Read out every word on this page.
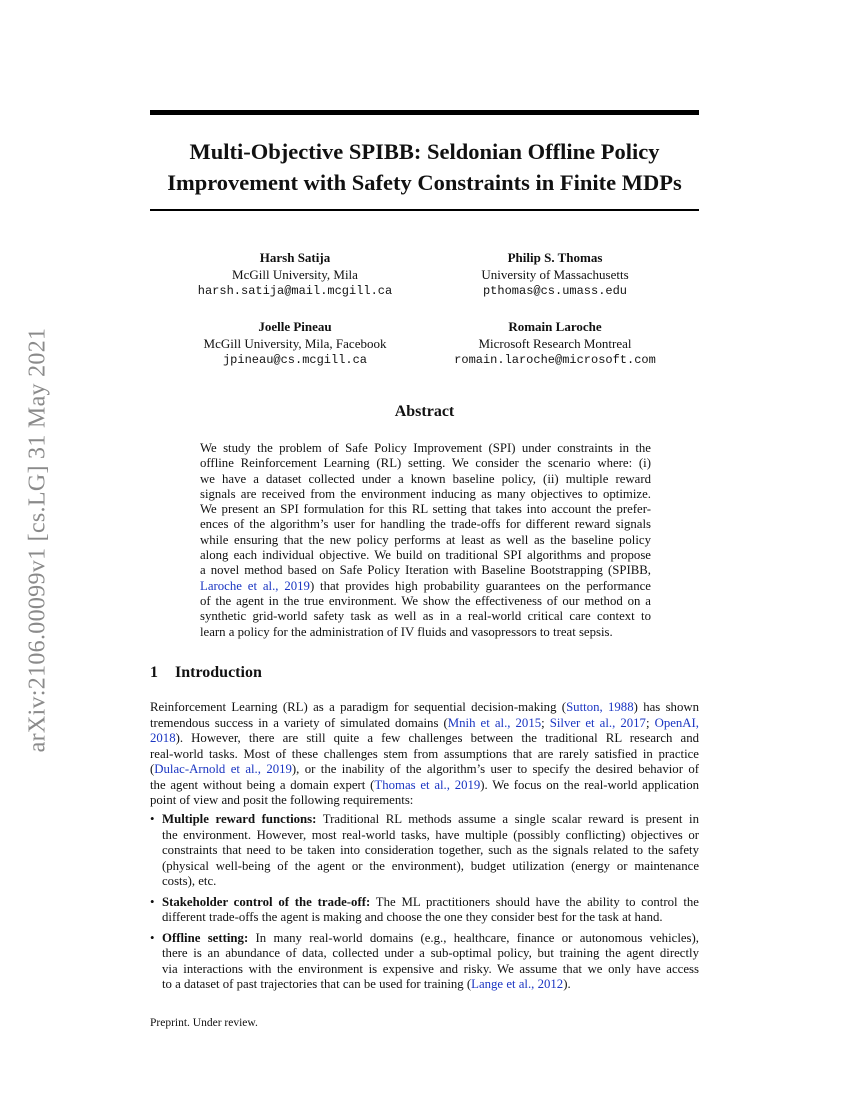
arXiv:2106.00099v1 [cs.LG] 31 May 2021
Multi-Objective SPIBB: Seldonian Offline Policy
Improvement with Safety Constraints in Finite MDPs
Harsh Satija
McGill University, Mila
harsh.satija@mail.mcgill.ca
Philip S. Thomas
University of Massachusetts
pthomas@cs.umass.edu
Joelle Pineau
McGill University, Mila, Facebook
jpineau@cs.mcgill.ca
Romain Laroche
Microsoft Research Montreal
romain.laroche@microsoft.com
Abstract
We study the problem of Safe Policy Improvement (SPI) under constraints in the
offline Reinforcement Learning (RL) setting. We consider the scenario where: (i)
we have a dataset collected under a known baseline policy, (ii) multiple reward
signals are received from the environment inducing as many objectives to optimize.
We present an SPI formulation for this RL setting that takes into account the prefer-
ences of the algorithm’s user for handling the trade-offs for different reward signals
while ensuring that the new policy performs at least as well as the baseline policy
along each individual objective. We build on traditional SPI algorithms and propose
a novel method based on Safe Policy Iteration with Baseline Bootstrapping (SPIBB,
Laroche et al., 2019) that provides high probability guarantees on the performance
of the agent in the true environment. We show the effectiveness of our method on a
synthetic grid-world safety task as well as in a real-world critical care context to
learn a policy for the administration of IV fluids and vasopressors to treat sepsis.
1 Introduction
Reinforcement Learning (RL) as a paradigm for sequential decision-making (Sutton, 1988) has shown
tremendous success in a variety of simulated domains (Mnih et al., 2015; Silver et al., 2017; OpenAI,
2018). However, there are still quite a few challenges between the traditional RL research and
real-world tasks. Most of these challenges stem from assumptions that are rarely satisfied in practice
(Dulac-Arnold et al., 2019), or the inability of the algorithm’s user to specify the desired behavior of
the agent without being a domain expert (Thomas et al., 2019). We focus on the real-world application
point of view and posit the following requirements:
• Multiple reward functions: Traditional RL methods assume a single scalar reward is present in
the environment. However, most real-world tasks, have multiple (possibly conflicting) objectives or
constraints that need to be taken into consideration together, such as the signals related to the safety
(physical well-being of the agent or the environment), budget utilization (energy or maintenance
costs), etc.
• Stakeholder control of the trade-off: The ML practitioners should have the ability to control the
different trade-offs the agent is making and choose the one they consider best for the task at hand.
• Offline setting: In many real-world domains (e.g., healthcare, finance or autonomous vehicles),
there is an abundance of data, collected under a sub-optimal policy, but training the agent directly
via interactions with the environment is expensive and risky. We assume that we only have access
to a dataset of past trajectories that can be used for training (Lange et al., 2012).
Preprint. Under review.
